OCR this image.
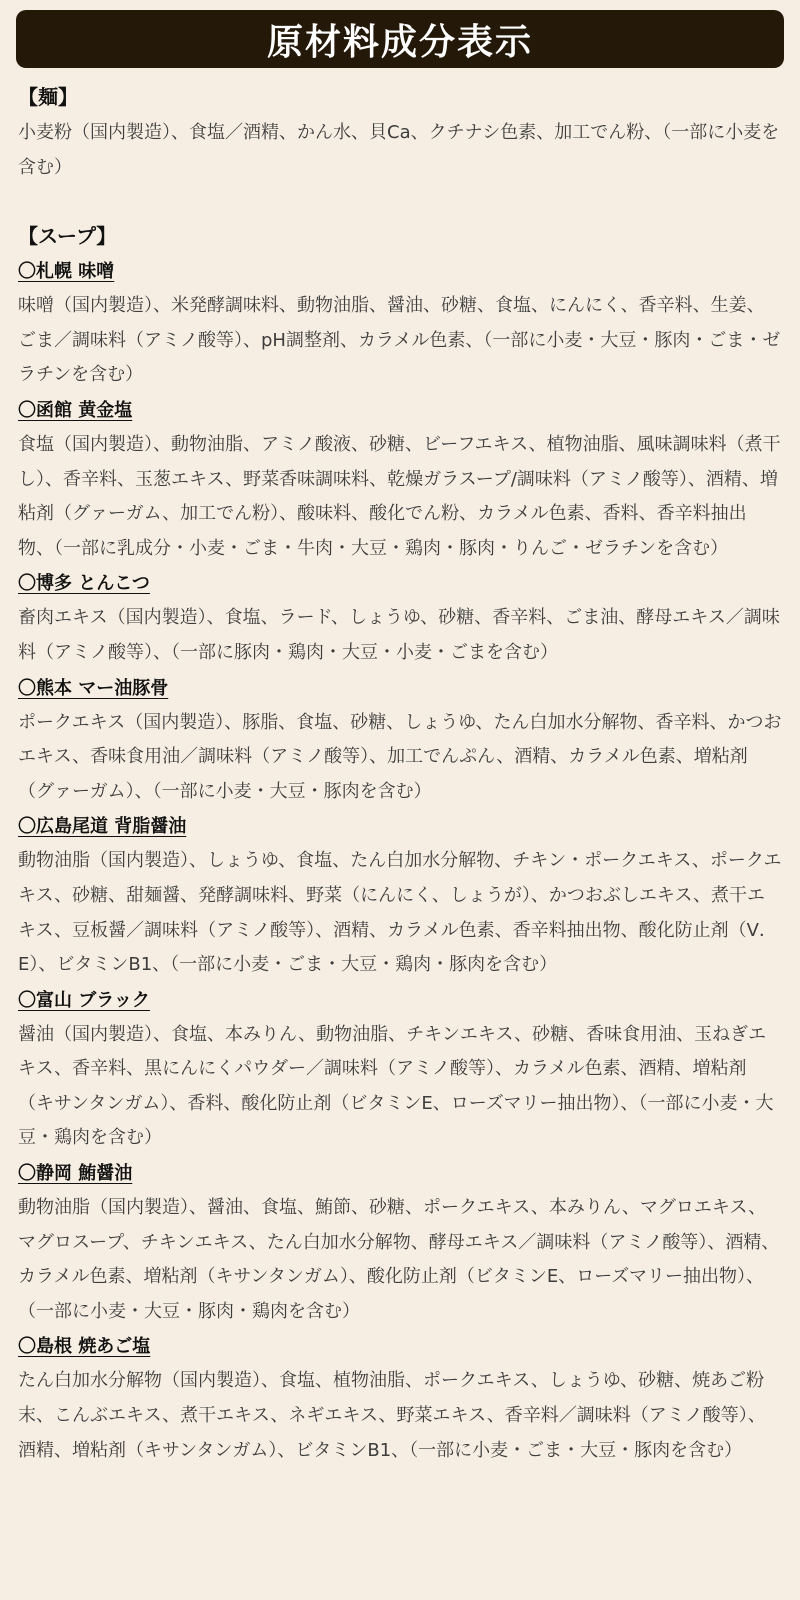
原材料成分表示
【麺】

小麦粉（国内製造）、食塩／酒精、かん水、貝Ca、クチナシ色素、加工でん粉、（一部に小麦を含む）

【スープ】
〇札幌 味噌

味噌（国内製造）、米発酵調味料、動物油脂、醤油、砂糖、食塩、にんにく、香辛料、生姜、ごま／調味料（アミノ酸等）、pH調整剤、カラメル色素、（一部に小麦・大豆・豚肉・ごま・ゼラチンを含む）

〇函館 黄金塩

食塩（国内製造）、動物油脂、アミノ酸液、砂糖、ビーフエキス、植物油脂、風味調味料（煮干し）、香辛料、玉葱エキス、野菜香味調味料、乾燥ガラスープ/調味料（アミノ酸等）、酒精、増粘剤（グァーガム、加工でん粉）、酸味料、酸化でん粉、カラメル色素、香料、香辛料抽出物、（一部に乳成分・小麦・ごま・牛肉・大豆・鶏肉・豚肉・りんご・ゼラチンを含む）

〇博多 とんこつ

畜肉エキス（国内製造）、食塩、ラード、しょうゆ、砂糖、香辛料、ごま油、酵母エキス／調味料（アミノ酸等）、（一部に豚肉・鶏肉・大豆・小麦・ごまを含む）

〇熊本 マー油豚骨

ポークエキス（国内製造）、豚脂、食塩、砂糖、しょうゆ、たん白加水分解物、香辛料、かつおエキス、香味食用油／調味料（アミノ酸等）、加工でんぷん、酒精、カラメル色素、増粘剤（グァーガム）、（一部に小麦・大豆・豚肉を含む）

〇広島尾道 背脂醤油

動物油脂（国内製造）、しょうゆ、食塩、たん白加水分解物、チキン・ポークエキス、ポークエキス、砂糖、甜麺醤、発酵調味料、野菜（にんにく、しょうが）、かつおぶしエキス、煮干エキス、豆板醤／調味料（アミノ酸等）、酒精、カラメル色素、香辛料抽出物、酸化防止剤（V．E）、ビタミンB1、（一部に小麦・ごま・大豆・鶏肉・豚肉を含む）

〇富山 ブラック

醤油（国内製造）、食塩、本みりん、動物油脂、チキンエキス、砂糖、香味食用油、玉ねぎエキス、香辛料、黒にんにくパウダー／調味料（アミノ酸等）、カラメル色素、酒精、増粘剤（キサンタンガム）、香料、酸化防止剤（ビタミンE、ローズマリー抽出物）、（一部に小麦・大豆・鶏肉を含む）

〇静岡 鮪醤油

動物油脂（国内製造）、醤油、食塩、鮪節、砂糖、ポークエキス、本みりん、マグロエキス、マグロスープ、チキンエキス、たん白加水分解物、酵母エキス／調味料（アミノ酸等）、酒精、カラメル色素、増粘剤（キサンタンガム）、酸化防止剤（ビタミンE、ローズマリー抽出物）、（一部に小麦・大豆・豚肉・鶏肉を含む）

〇島根 焼あご塩

たん白加水分解物（国内製造）、食塩、植物油脂、ポークエキス、しょうゆ、砂糖、焼あご粉末、こんぶエキス、煮干エキス、ネギエキス、野菜エキス、香辛料／調味料（アミノ酸等）、酒精、増粘剤（キサンタンガム）、ビタミンB1、（一部に小麦・ごま・大豆・豚肉を含む）
